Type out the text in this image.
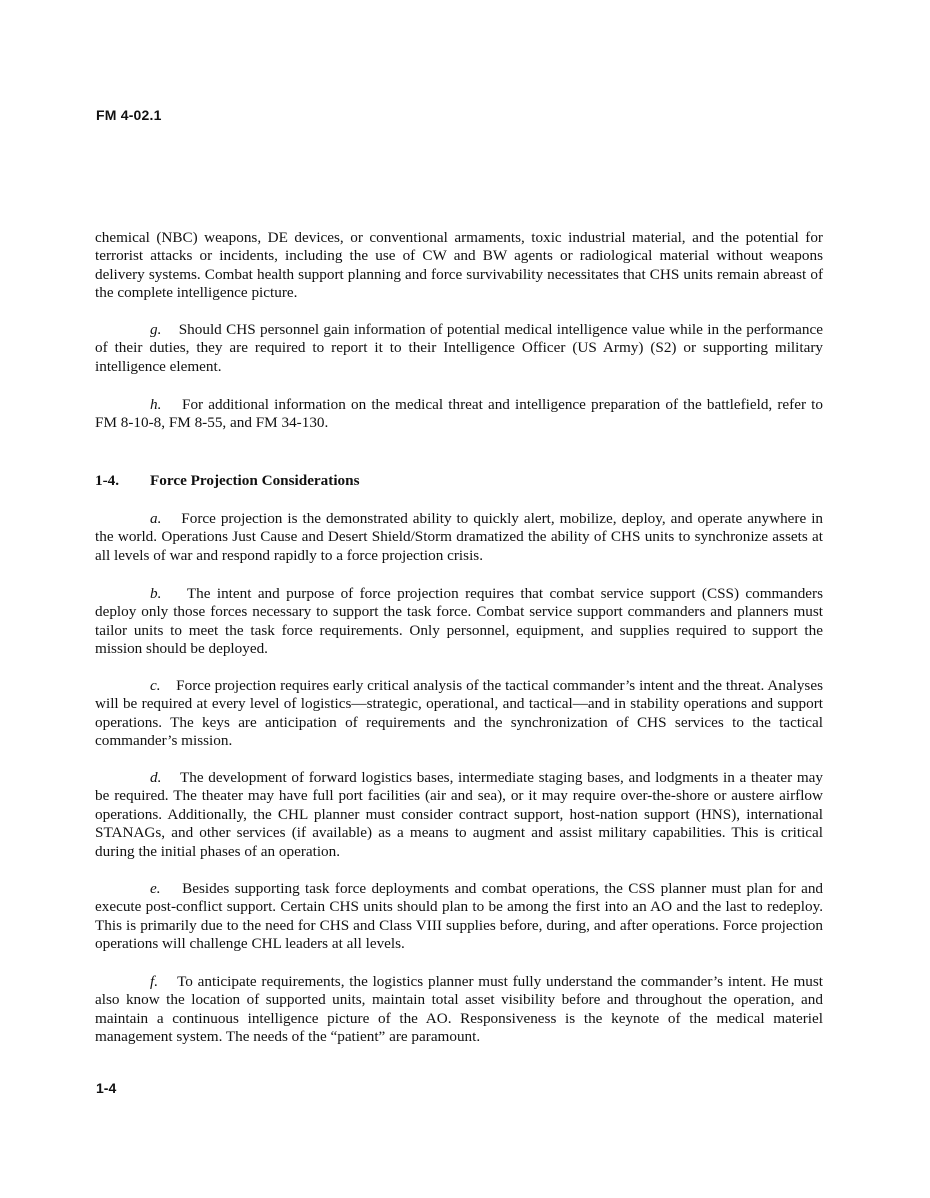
FM 4-02.1

chemical (NBC) weapons, DE devices, or conventional armaments, toxic industrial material, and the potential for terrorist attacks or incidents, including the use of CW and BW agents or radiological material without weapons delivery systems. Combat health support planning and force survivability necessitates that CHS units remain abreast of the complete intelligence picture.

g. Should CHS personnel gain information of potential medical intelligence value while in the performance of their duties, they are required to report it to their Intelligence Officer (US Army) (S2) or supporting military intelligence element.

h. For additional information on the medical threat and intelligence preparation of the battlefield, refer to FM 8-10-8, FM 8-55, and FM 34-130.

1-4. Force Projection Considerations

a. Force projection is the demonstrated ability to quickly alert, mobilize, deploy, and operate anywhere in the world. Operations Just Cause and Desert Shield/Storm dramatized the ability of CHS units to synchronize assets at all levels of war and respond rapidly to a force projection crisis.

b. The intent and purpose of force projection requires that combat service support (CSS) commanders deploy only those forces necessary to support the task force. Combat service support commanders and planners must tailor units to meet the task force requirements. Only personnel, equipment, and supplies required to support the mission should be deployed.

c. Force projection requires early critical analysis of the tactical commander’s intent and the threat. Analyses will be required at every level of logistics—strategic, operational, and tactical—and in stability operations and support operations. The keys are anticipation of requirements and the synchronization of CHS services to the tactical commander’s mission.

d. The development of forward logistics bases, intermediate staging bases, and lodgments in a theater may be required. The theater may have full port facilities (air and sea), or it may require over-the-shore or austere airflow operations. Additionally, the CHL planner must consider contract support, host-nation support (HNS), international STANAGs, and other services (if available) as a means to augment and assist military capabilities. This is critical during the initial phases of an operation.

e. Besides supporting task force deployments and combat operations, the CSS planner must plan for and execute post-conflict support. Certain CHS units should plan to be among the first into an AO and the last to redeploy. This is primarily due to the need for CHS and Class VIII supplies before, during, and after operations. Force projection operations will challenge CHL leaders at all levels.

f. To anticipate requirements, the logistics planner must fully understand the commander’s intent. He must also know the location of supported units, maintain total asset visibility before and throughout the operation, and maintain a continuous intelligence picture of the AO. Responsiveness is the keynote of the medical materiel management system. The needs of the “patient” are paramount.

1-4
